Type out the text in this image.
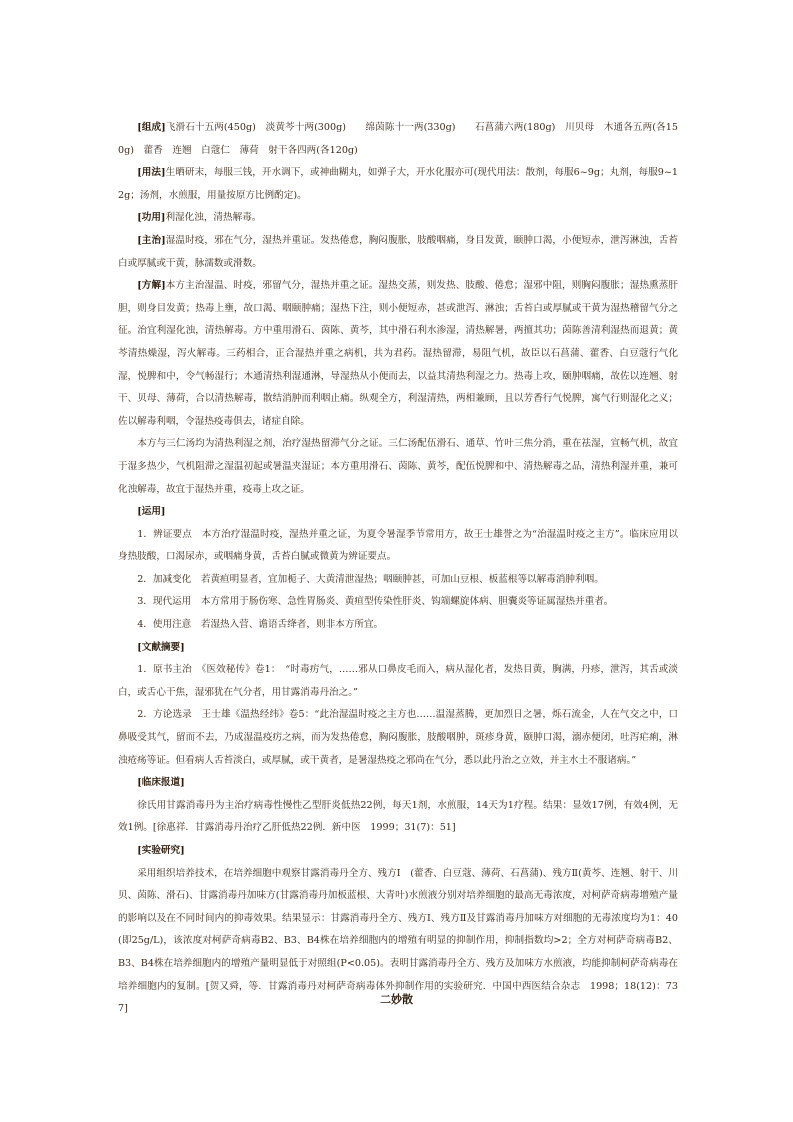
[组成]飞滑石十五两(450g)　淡黄芩十两(300g)　　绵茵陈十一两(330g)　　石菖蒲六两(180g)　川贝母　木通各五两(各150g)　藿香　连翘　白蔻仁　薄荷　射干各四两(各120g)

[用法]生晒研末，每服三钱，开水调下，或神曲糊丸，如弹子大，开水化服亦可(现代用法：散剂，每服6~9g；丸剂，每服9~12g；汤剂，水煎服，用量按原方比例酌定)。

[功用]利湿化浊，清热解毒。

[主治]湿温时疫，邪在气分，湿热并重证。发热倦怠，胸闷腹胀，肢酸咽痛，身目发黄，颐肿口渴，小便短赤，泄泻淋浊，舌苔白或厚腻或干黄，脉濡数或滑数。

[方解]本方主治湿温、时疫，邪留气分，湿热并重之证。湿热交蒸，则发热、肢酸、倦怠；湿邪中阻，则胸闷腹胀；湿热熏蒸肝胆，则身目发黄；热毒上壅，故口渴、咽颐肿痛；湿热下注，则小便短赤，甚或泄泻、淋浊；舌苔白或厚腻或干黄为湿热稽留气分之征。治宜利湿化浊，清热解毒。方中重用滑石、茵陈、黄芩，其中滑石利水渗湿，清热解暑，两擅其功；茵陈善清利湿热而退黄；黄芩清热燥湿，泻火解毒。三药相合，正合湿热并重之病机，共为君药。湿热留滞，易阻气机，故臣以石菖蒲、藿香、白豆蔻行气化湿，悦脾和中，令气畅湿行；木通清热利湿通淋，导湿热从小便而去，以益其清热利湿之力。热毒上攻，颐肿咽痛，故佐以连翘、射干、贝母、薄荷，合以清热解毒，散结消肿而利咽止痛。纵观全方，利湿清热，两相兼顾，且以芳香行气悦脾，寓气行则湿化之义；佐以解毒利咽，令湿热疫毒俱去，诸症自除。

本方与三仁汤均为清热利湿之剂，治疗湿热留滞气分之证。三仁汤配伍滑石、通草、竹叶三焦分消，重在祛湿，宣畅气机，故宜于湿多热少，气机阻滞之湿温初起或暑温夹湿证；本方重用滑石、茵陈、黄芩，配伍悦脾和中、清热解毒之品，清热利湿并重，兼可化浊解毒，故宜于湿热并重，疫毒上攻之证。

[运用]

1．辨证要点　本方治疗湿温时疫，湿热并重之证，为夏令暑湿季节常用方，故王士雄誉之为“治湿温时疫之主方”。临床应用以身热肢酸，口渴尿赤，或咽痛身黄，舌苔白腻或微黄为辨证要点。

2．加减变化　若黄疸明显者，宜加栀子、大黄清泄湿热；咽颐肿甚，可加山豆根、板蓝根等以解毒消肿利咽。

3．现代运用　本方常用于肠伤寒、急性胃肠炎、黄疸型传染性肝炎、钩端螺旋体病、胆囊炎等证属湿热并重者。

4．使用注意　若湿热入营、谵语舌绛者，则非本方所宜。

[文献摘要]

1．原书主治　《医效秘传》卷1：　“时毒疠气，……邪从口鼻皮毛而入，病从湿化者，发热目黄，胸满，丹疹，泄泻，其舌或淡白，或舌心干焦，湿邪犹在气分者，用甘露消毒丹治之。”

2．方论选录　王士雄《温热经纬》卷5：“此治湿温时疫之主方也……温湿蒸腾，更加烈日之暑，烁石流金，人在气交之中，口鼻吸受其气，留而不去，乃成湿温疫疠之病，而为发热倦怠，胸闷腹胀，肢酸咽肿，斑疹身黄，颐肿口渴，溺赤便闭，吐泻疟痢，淋浊疮疡等证。但看病人舌苔淡白，或厚腻，或干黄者，是暑湿热疫之邪尚在气分，悉以此丹治之立效，并主水土不服诸病。”

[临床报道]

徐氏用甘露消毒丹为主治疗病毒性慢性乙型肝炎低热22例，每天1剂，水煎服，14天为1疗程。结果：显效17例，有效4例，无效1例。[徐惠祥．甘露消毒丹治疗乙肝低热22例．新中医　1999；31(7)：51]

[实验研究]

采用组织培养技术，在培养细胞中观察甘露消毒丹全方、残方Ⅰ　(藿香、白豆蔻、薄荷、石菖蒲)、残方Ⅱ(黄芩、连翘、射干、川贝、茵陈、滑石)、甘露消毒丹加味方(甘露消毒丹加板蓝根、大青叶)水煎液分别对培养细胞的最高无毒浓度，对柯萨奇病毒增殖产量的影响以及在不同时间内的抑毒效果。结果显示：甘露消毒丹全方、残方Ⅰ、残方Ⅱ及甘露消毒丹加味方对细胞的无毒浓度均为1：40(即25g/L)，该浓度对柯萨奇病毒B2、B3、B4株在培养细胞内的增殖有明显的抑制作用，抑制指数均>2；全方对柯萨奇病毒B2、B3、B4株在培养细胞内的增殖产量明显低于对照组(P<0.05)。表明甘露消毒丹全方、残方及加味方水煎液，均能抑制柯萨奇病毒在培养细胞内的复制。[贺又舜，等．甘露消毒丹对柯萨奇病毒体外抑制作用的实验研究．中国中西医结合杂志　1998；18(12)：737]

二妙散
